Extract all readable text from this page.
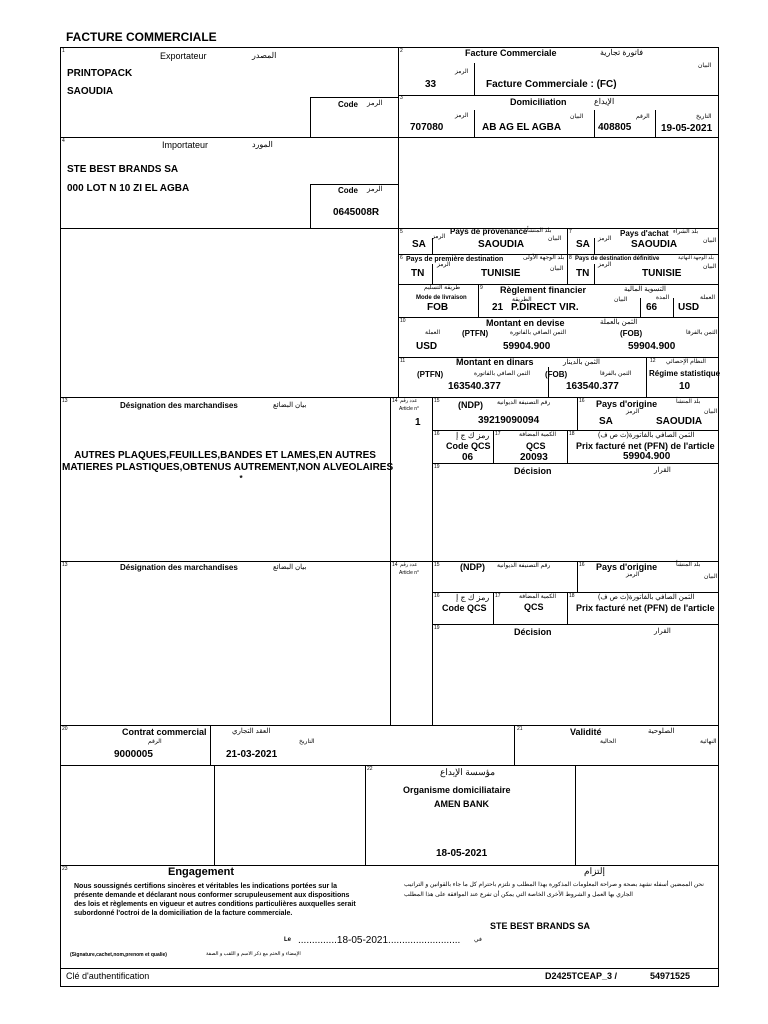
FACTURE COMMERCIALE
1	Exportateur	المصدر
PRINTOPACK
SAOUDIA
Code الرمز
2	Facture Commerciale	فاتورة تجارية
البيان
الرمز
33	Facture Commerciale : (FC)
3	Domiciliation	الإيداع
الرمز	البيان	الرقم	التاريخ
707080	AB AG EL AGBA	408805	19-05-2021
4	Importateur	المورد
STE BEST BRANDS SA
000 LOT N 10 ZI EL AGBA	Code الرمز
0645008R
5	Pays de provenance بلد المنشأ
الرمز	البيان
SA	SAOUDIA
7	Pays d'achat بلد الشراء
الرمز	البيان
SA	SAOUDIA
6 Pays de première destination	بلد الوجهة الأولى
الرمز
البيان
TN	TUNISIE
8 Pays de destination définitive	بلد الوجهة النهائية
الرمز	البيان
TN	TUNISIE
طريقة التسليم	Règlement financier	التسوية المالية
Mode de livraison
9
الطريقة	البيان	المدة	العملة
FOB	21 P.DIRECT VIR.	66 USD
10	Montant en devise	الثمن بالعملة
العملة	(PTFN)	الثمن الصافي بالفاتورة	(FOB)	الثمن بالفرقا
USD	59904.900	59904.900
11	Montant en dinars	الثمن بالدينار
(PTFN)	الثمن الصافي بالفاتورة (FOB)	الثمن بالفرقا
163540.377	163540.377
12 النظام الإحصائي
Régime statistique
10
13	Désignation des marchandises	بيان البضائع
14 عدد رقم
Article n°
1
15 (NDP) رقم التصنيفة الديوانية
39219090094
16 Pays d'origine	بلد المنشأ
الرمز	البيان
SA	SAOUDIA
16 رمز ك ج إ
Code QCS
06
17	الكمية المضافة
QCS
20093
18	الثمن الصافي بالفاتورة(ث ص ف)
Prix facturé net (PFN) de l'article
59904.900
19	Décision	القرار
AUTRES PLAQUES,FEUILLES,BANDES ET LAMES,EN AUTRES
MATIERES PLASTIQUES,OBTENUS AUTREMENT,NON ALVEOLAIRES
*
13	Désignation des marchandises	بيان البضائع	14 عدد رقم
Article n°
15 (NDP) رقم التصنيفة الديوانية	16 Pays d'origine	بلد المنشأ
الرمز	البيان
16 رمز ك ج إ
Code QCS
17	الكمية المضافة
QCS
18	الثمن الصافي بالفاتورة(ث ص ف)
Prix facturé net (PFN) de l'article
19	Décision	القرار
20	Contrat commercial	العقد التجاري
الرقم	التاريخ
9000005	21-03-2021
21	Validité	الصلوحية
الحالية	النهائية
22	مؤسسة الإيداع
Organisme domiciliataire
AMEN BANK
18-05-2021
23	Engagement	إلتزام
Nous soussignés certifions sincères et véritables les indications portées sur la
présente demande et déclarant nous conformer scrupuleusement aux dispositions
des lois et règlements en vigueur et autres conditions particulières auxquelles serait
subordonné l'octroi de la domiciliation de la facture commerciale.
نحن الممضين أسفله نشهد بصحة و صراحة المعلومات المذكورة بهذا المطلب و نلتزم باحترام كل ما جاء بالقوانين و التراتيب
الجاري بها العمل و الشروط الأخرى الخاصة التي يمكن أن تفرع عند الموافقة على هذا المطلب
STE BEST BRANDS SA
Le ..............18-05-2021.......................... في
(Signature,cachet,nom,prenom et qualie)	الإمضاء و الختم مع ذكر الاسم و اللقب و الصفة
Clé d'authentification	D2425TCEAP_3 /	54971525
